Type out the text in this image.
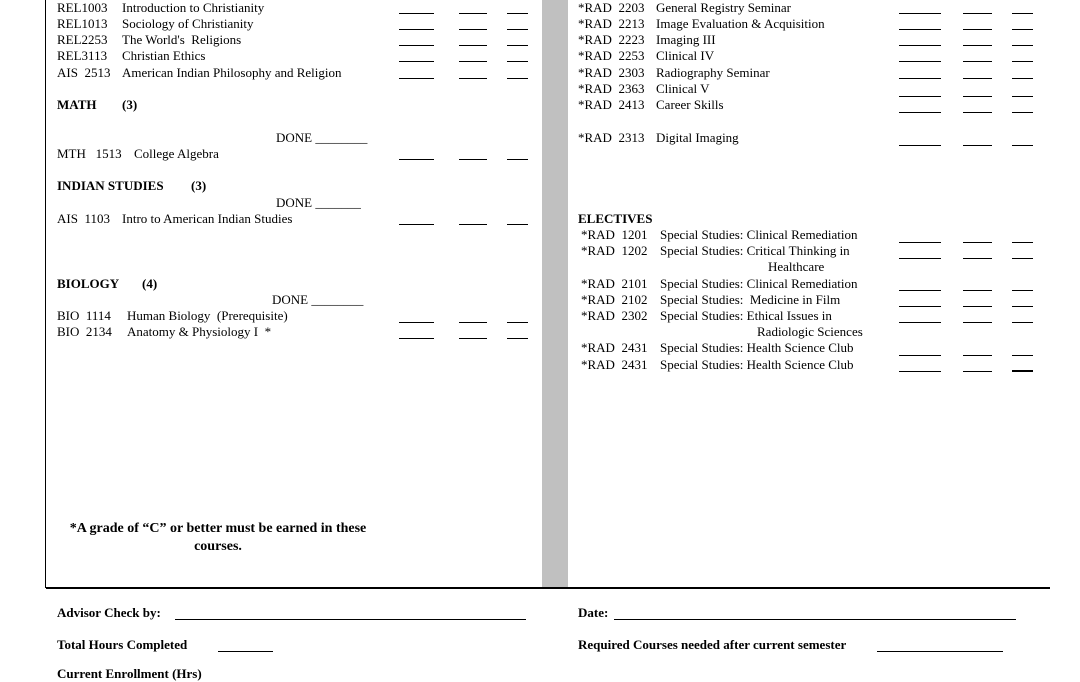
REL1003 Introduction to Christianity
REL1013 Sociology of Christianity
REL2253 The World's  Religions
REL3113 Christian Ethics
AIS  2513 American Indian Philosophy and Religion
MATH (3)
DONE ________
MTH   1513 College Algebra
INDIAN STUDIES (3)
DONE _______
AIS  1103 Intro to American Indian Studies
BIOLOGY (4)
DONE ________
BIO  1114 Human Biology  (Prerequisite)
BIO  2134 Anatomy & Physiology I  *
*A grade of “C” or better must be earned in these courses.
*RAD  2203 General Registry Seminar
*RAD  2213 Image Evaluation & Acquisition
*RAD  2223 Imaging III
*RAD  2253 Clinical IV
*RAD  2303 Radiography Seminar
*RAD  2363 Clinical V
*RAD  2413 Career Skills
*RAD  2313 Digital Imaging
ELECTIVES
*RAD  1201 Special Studies: Clinical Remediation
*RAD  1202 Special Studies: Critical Thinking in
Healthcare
*RAD  2101 Special Studies: Clinical Remediation
*RAD  2102 Special Studies:  Medicine in Film
*RAD  2302 Special Studies: Ethical Issues in
Radiologic Sciences
*RAD  2431 Special Studies: Health Science Club
*RAD  2431 Special Studies: Health Science Club
Advisor Check by:	Date:
Total Hours Completed	Required Courses needed after current semester
Current Enrollment (Hrs)
